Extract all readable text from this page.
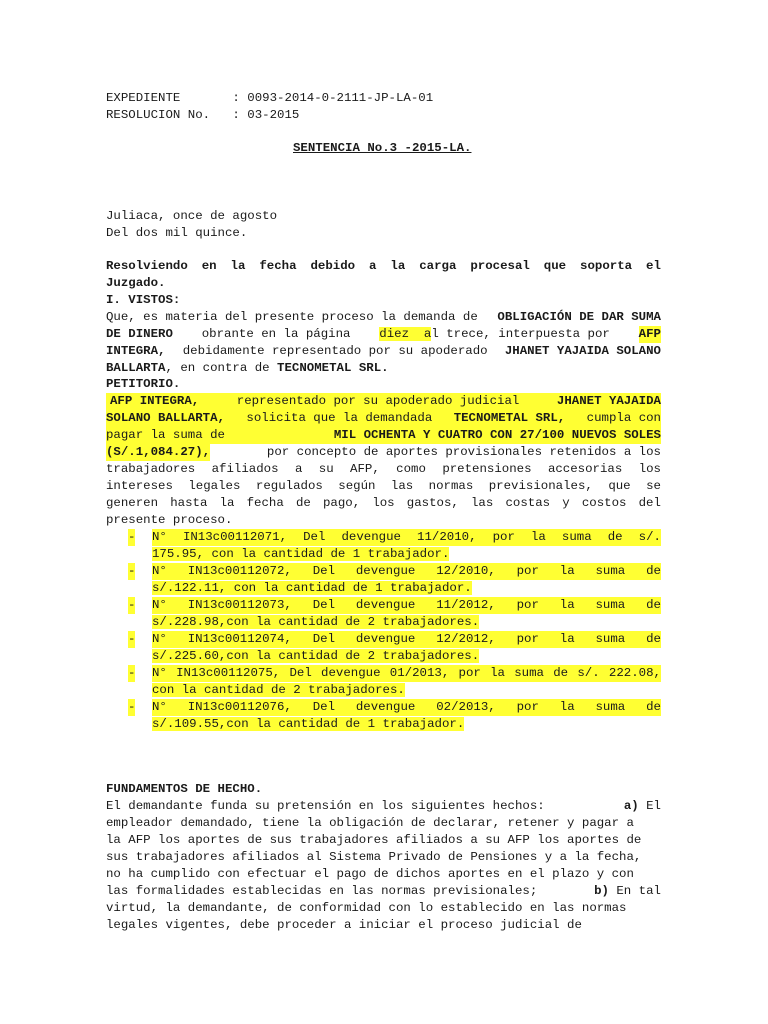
EXPEDIENTE       : 0093-2014-0-2111-JP-LA-01
RESOLUCION No.   : 03-2015
SENTENCIA No.3 -2015-LA.
Juliaca, once de agosto
Del dos mil quince.
Resolviendo en la fecha debido a la carga procesal que soporta el
Juzgado.
I. VISTOS:
Que, es materia del presente proceso la demanda de OBLIGACIÓN DE DAR SUMA
DE DINERO obrante en la página diez  al trece, interpuesta por AFP
INTEGRA, debidamente representado por su apoderado JHANET YAJAIDA SOLANO
BALLARTA, en contra de TECNOMETAL SRL.
PETITORIO.
AFP INTEGRA,	representado por su apoderado judicial	JHANET YAJAIDA
SOLANO BALLARTA, solicita que la demandada TECNOMETAL SRL, cumpla con
pagar la suma de	MIL OCHENTA Y CUATRO CON 27/100 NUEVOS SOLES
(S/.1,084.27),	por concepto de aportes provisionales retenidos a los
trabajadores afiliados a su AFP, como pretensiones accesorias los
intereses legales regulados según las normas previsionales, que se
generen hasta la fecha de pago, los gastos, las costas y costos del
presente proceso.
- N° IN13c00112071, Del devengue 11/2010, por la suma de s/.
175.95, con la cantidad de 1 trabajador.
- N° IN13c00112072, Del devengue 12/2010, por la suma de
s/.122.11, con la cantidad de 1 trabajador.
- N° IN13c00112073, Del devengue 11/2012, por la suma de
s/.228.98,con la cantidad de 2 trabajadores.
- N° IN13c00112074, Del devengue 12/2012, por la suma de
s/.225.60,con la cantidad de 2 trabajadores.
- N° IN13c00112075, Del devengue 01/2013, por la suma de s/. 222.08,
con la cantidad de 2 trabajadores.
- N° IN13c00112076, Del devengue 02/2013, por la suma de
s/.109.55,con la cantidad de 1 trabajador.
FUNDAMENTOS DE HECHO.
El demandante funda su pretensión en los siguientes hechos:	a) El
empleador demandado, tiene la obligación de declarar, retener y pagar a
la AFP los aportes de sus trabajadores afiliados a su AFP los aportes de
sus trabajadores afiliados al Sistema Privado de Pensiones y a la fecha,
no ha cumplido con efectuar el pago de dichos aportes en el plazo y con
las formalidades establecidas en las normas previsionales;	b) En tal
virtud, la demandante, de conformidad con lo establecido en las normas
legales vigentes, debe proceder a iniciar el proceso judicial de
